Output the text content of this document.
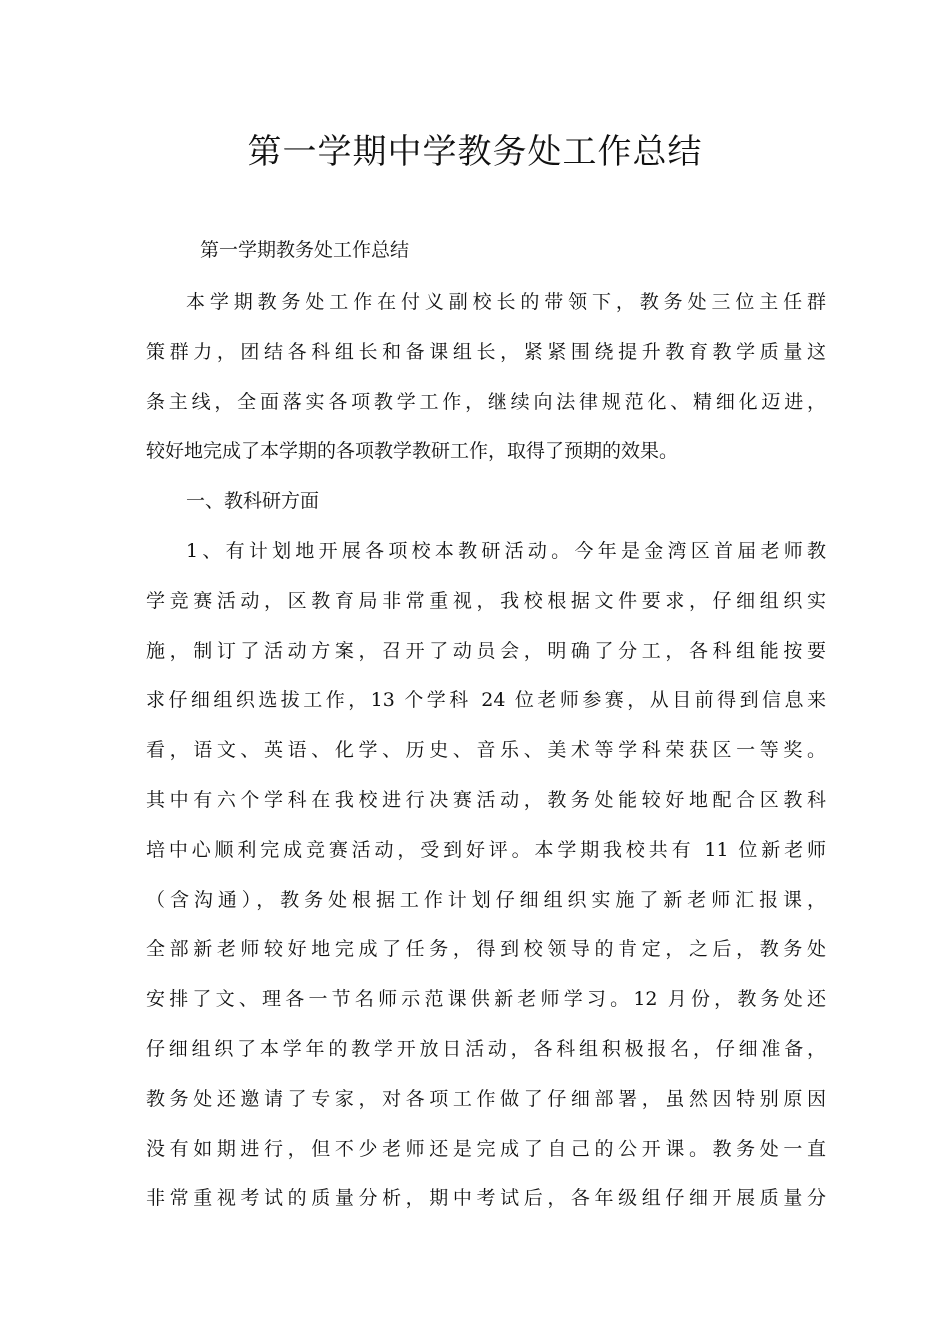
第一学期中学教务处工作总结
第一学期教务处工作总结
本学期教务处工作在付义副校长的带领下，教务处三位主任群
策群力，团结各科组长和备课组长，紧紧围绕提升教育教学质量这
条主线，全面落实各项教学工作，继续向法律规范化、精细化迈进，
较好地完成了本学期的各项教学教研工作，取得了预期的效果。
一、教科研方面
1、有计划地开展各项校本教研活动。今年是金湾区首届老师教
学竞赛活动，区教育局非常重视，我校根据文件要求，仔细组织实
施，制订了活动方案，召开了动员会，明确了分工，各科组能按要
求仔细组织选拔工作，13 个学科 24 位老师参赛，从目前得到信息来
看，语文、英语、化学、历史、音乐、美术等学科荣获区一等奖。
其中有六个学科在我校进行决赛活动，教务处能较好地配合区教科
培中心顺利完成竞赛活动，受到好评。本学期我校共有 11 位新老师
（含沟通），教务处根据工作计划仔细组织实施了新老师汇报课，
全部新老师较好地完成了任务，得到校领导的肯定，之后，教务处
安排了文、理各一节名师示范课供新老师学习。12 月份，教务处还
仔细组织了本学年的教学开放日活动，各科组积极报名，仔细准备，
教务处还邀请了专家，对各项工作做了仔细部署，虽然因特别原因
没有如期进行，但不少老师还是完成了自己的公开课。教务处一直
非常重视考试的质量分析，期中考试后，各年级组仔细开展质量分
